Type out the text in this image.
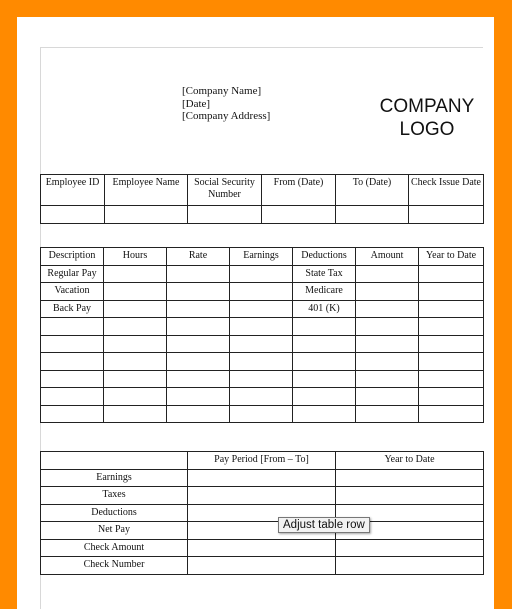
[Company Name]
[Date]
[Company Address]	COMPANY
LOGO
Employee ID	Employee Name	Social Security Number	From (Date)	To (Date)	Check Issue Date

Description	Hours	Rate	Earnings	Deductions	Amount	Year to Date
Regular Pay				State Tax		
Vacation				Medicare		
Back Pay				401 (K)		

	Pay Period [From – To]	Year to Date
Earnings		
Taxes		
Deductions		
Net Pay		
Check Amount		
Check Number		
Adjust table row
